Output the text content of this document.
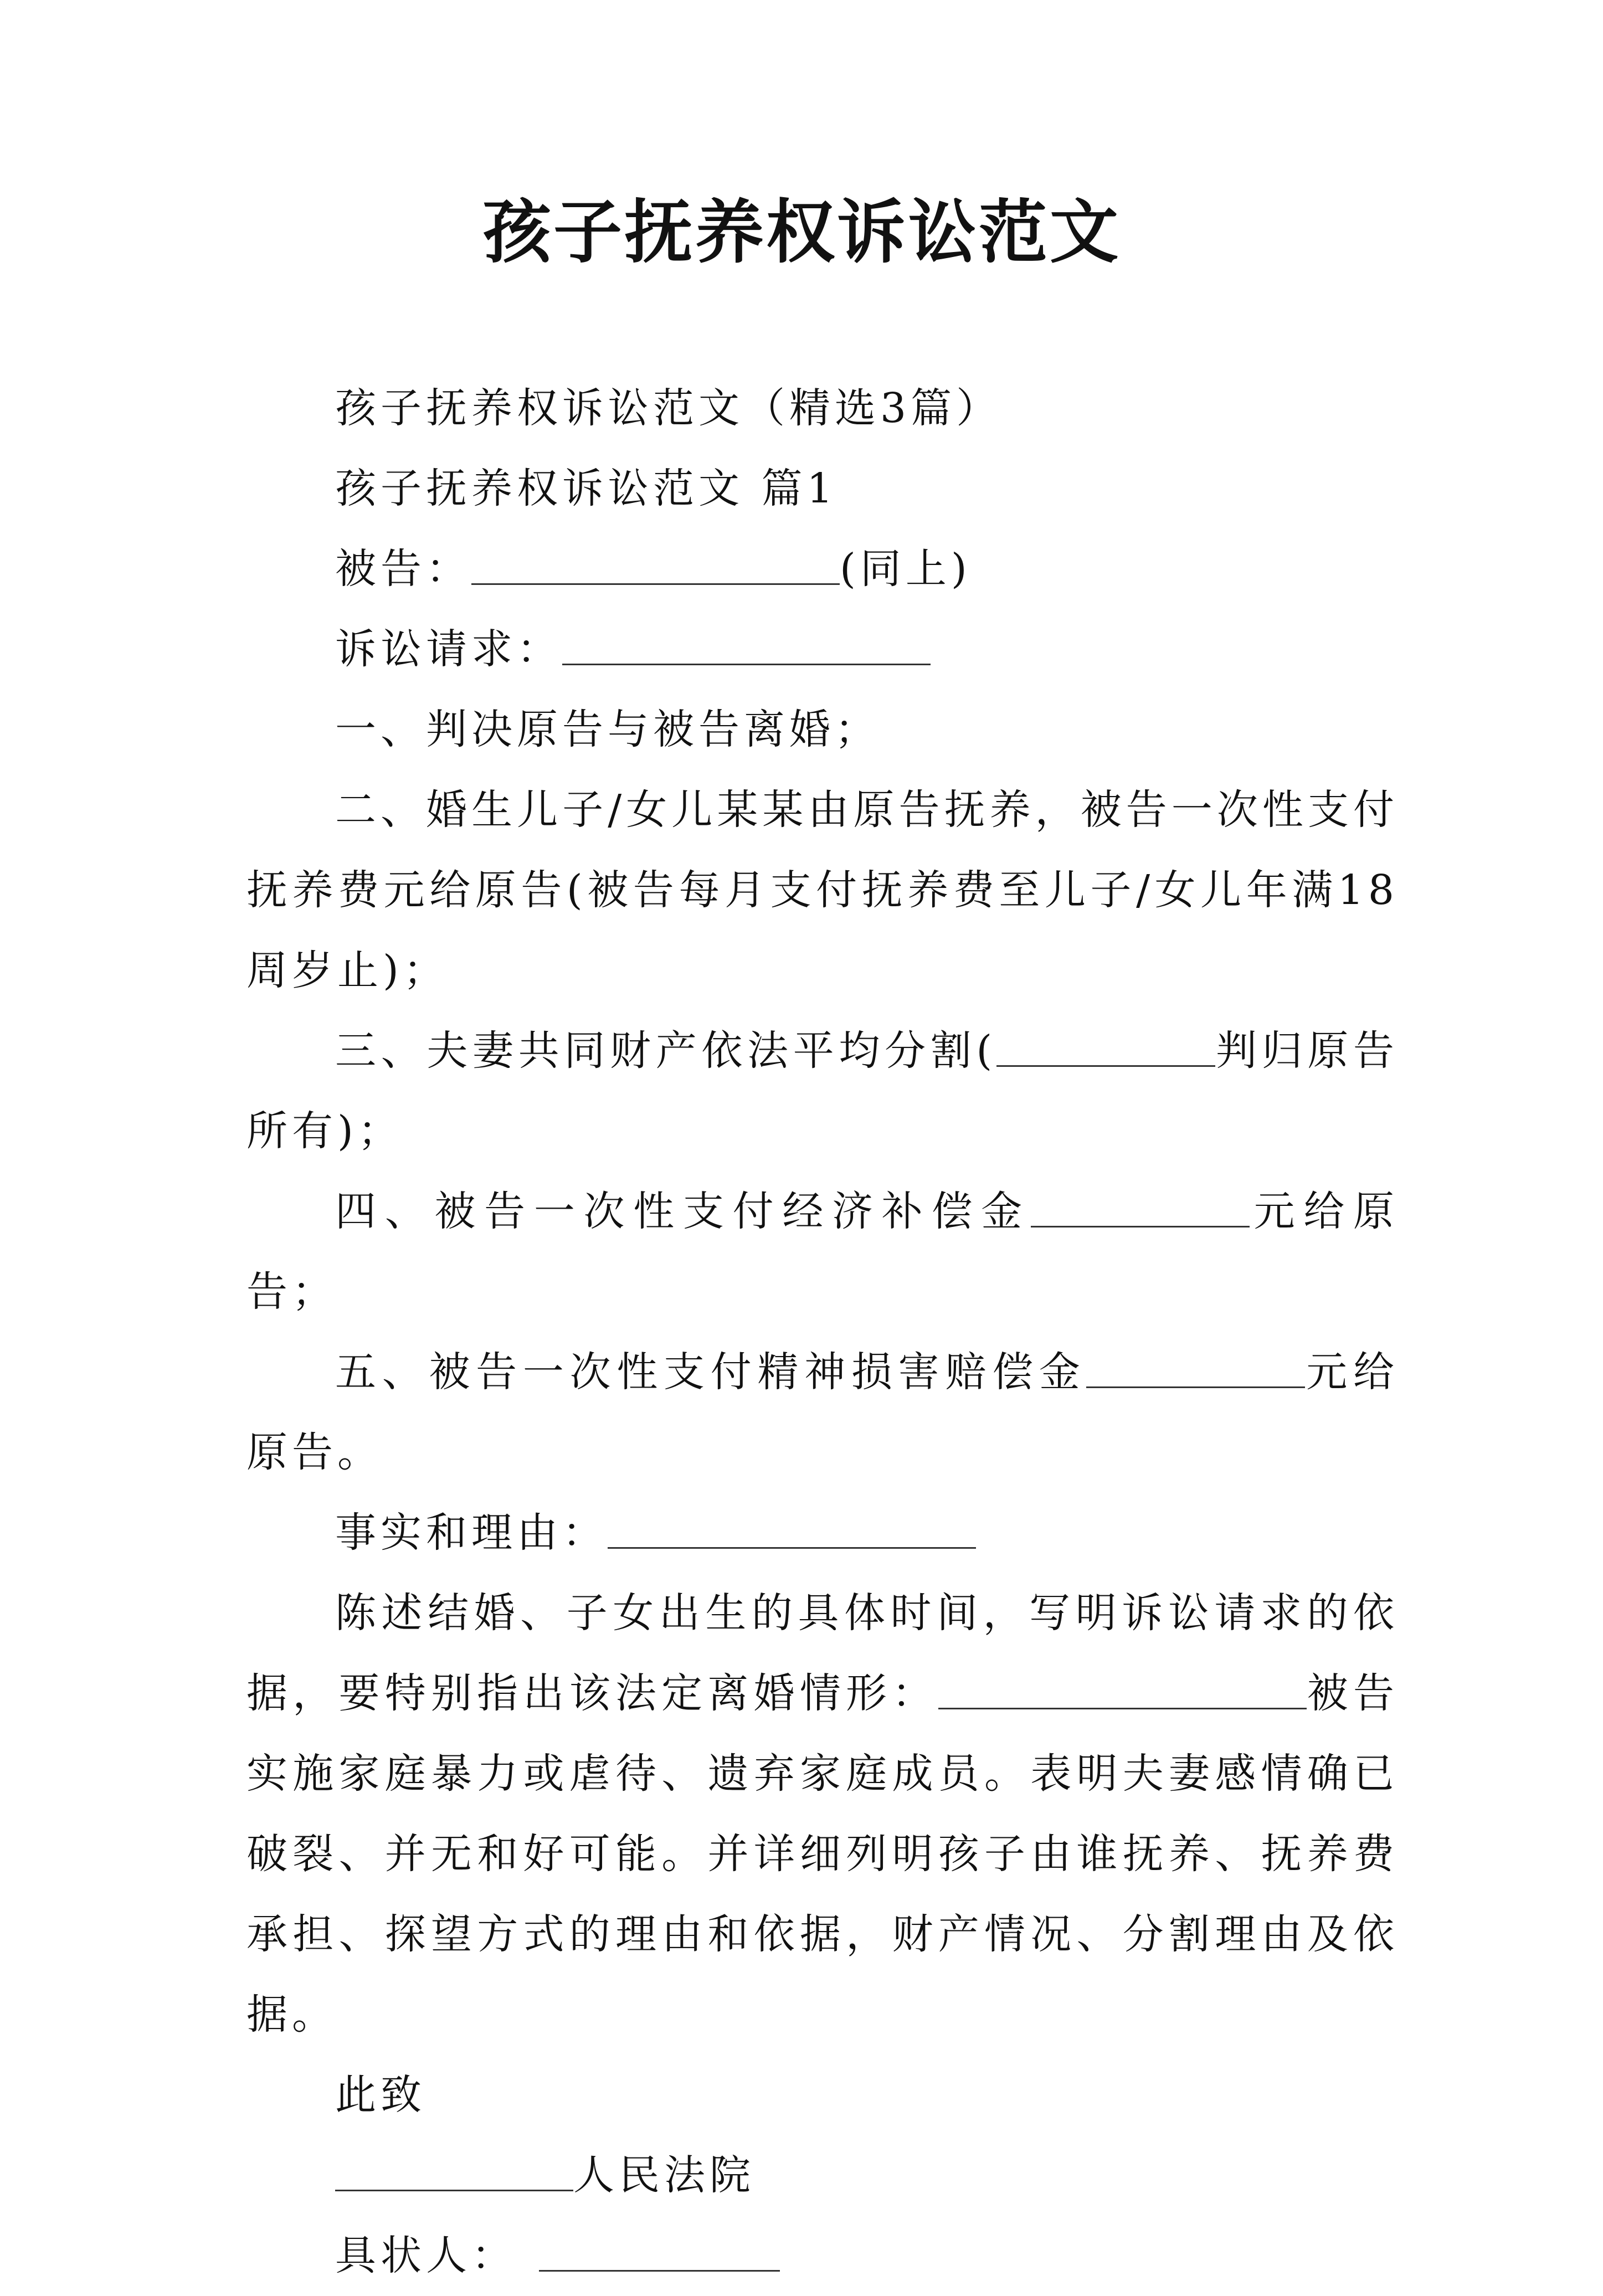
孩子抚养权诉讼范文

孩子抚养权诉讼范文（精选3篇）

孩子抚养权诉讼范文 篇1

被告：	(同上)

诉讼请求：

一、判决原告与被告离婚；

二、婚生儿子/女儿某某由原告抚养，被告一次性支付抚养费元给原告(被告每月支付抚养费至儿子/女儿年满18周岁止)；

三、夫妻共同财产依法平均分割(	判归原告所有)；

四、被告一次性支付经济补偿金	元给原告；

五、被告一次性支付精神损害赔偿金	元给原告。

事实和理由：

陈述结婚、子女出生的具体时间，写明诉讼请求的依据，要特别指出该法定离婚情形：	被告实施家庭暴力或虐待、遗弃家庭成员。表明夫妻感情确已破裂、并无和好可能。并详细列明孩子由谁抚养、抚养费承担、探望方式的理由和依据，财产情况、分割理由及依据。

此致

人民法院

具状人：
